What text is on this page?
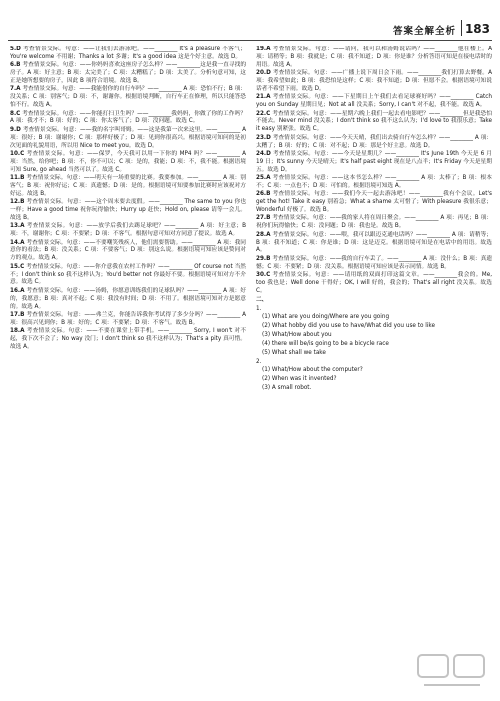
答案全解全析 183

5.D 考查情景交际。句意：——让我们去游泳吧。——________ It's a pleasure 不客气；You're welcome 不用谢；Thanks a lot 多谢；It's a good idea 这是个好主意。故选 D。

6.B 考查情景交际。句意：——你妈妈喜欢这座房子怎么样？——________这是我一直寻找的房子。A 项：好主意；B 项：太完美了；C 项：太糟糕了；D 项：太美了。分析句意可知，这正是她所想要的房子，因此 B 项符合语境。故选 B。

7.A 考查情景交际。句意：——我能借你的自行车吗？——________ A 项：恐怕不行；B 项：没关系；C 项：别客气；D 项：不，谢谢你。根据语境判断，自行车正在修理，所以只能答恐怕不行。故选 A。

8.C 考查情景交际。句意：——你能打扫卫生吗？——________我妈妈，你做了你的工作吗？A 项：我才不；B 项：好的；C 项：你太客气了；D 项：没问题。故选 C。

9.D 考查情景交际。句意：——我的名字叫哥姆。——这是我第一次来这里。——________ A 项：很好；B 项：谢谢你；C 项：那样好极了；D 项：见到你很高兴。根据语境可知问的是初次见面的礼貌用语，所以用 Nice to meet you。故选 D。

10.C 考查情景交际。句意：——保罗，今天我可以用一下你的 MP4 吗？——________ A 项：当然，给你吧；B 项：不，你不可以；C 项：是的，我能；D 项：不，我不能。根据语境可知 Sure, go ahead 当然可以了。故选 C。

11.B 考查情景交际。句意：——明天有一场重要的比赛。我要参加。——________ A 项：别客气；B 项：祝你好运；C 项：真遗憾；D 项：是的。根据语境可知要参加比赛时应该祝对方好运。故选 B。

12.B 考查情景交际。句意：——这个周末要去度假。——________ The same to you 你也一样；Have a good time 祝你玩得愉快；Hurry up 赶快；Hold on, please 请等一会儿。故选 B。

13.A 考查情景交际。句意：——放学后我们去踢足球吧？——________ A 项：好主意；B 项：不，谢谢你；C 项：不要紧；D 项：不客气。根据句意可知对方同意了提议。故选 A。

14.A 考查情景交际。句意：——不要嘲笑残疾人，他们需要帮助。——________ A 项：我同意你的看法；B 项：没关系；C 项：不要客气；D 项：别这么说。根据语境可知应该是赞同对方的观点。故选 A。

15.C 考查情景交际。句意：——你介意我在农村工作吗？——________ Of course not 当然不；I don't think so 我不这样认为；You'd better not 你最好不要。根据语境可知对方不介意。故选 C。

16.A 考查情景交际。句意：——汤姆，你愿意训练我们的足球队吗？——________ A 项：好的，我愿意；B 项：真对不起；C 项：我没有时间；D 项：不用了。根据语境可知对方是愿意的。故选 A。

17.B 考查情景交际。句意：——弗兰克，你能告诉我你考试得了多少分吗？——________ A 项：很高兴见到你；B 项：好的；C 项：不要紧；D 项：不客气。故选 B。

18.A 考查情景交际。句意：——不要在课堂上带手机。——________ Sorry, I won't 对不起，我下次不会了；No way 没门；I don't think so 我不这样认为；That's a pity 真可惜。故选 A。

19.A 考查情景交际。句意：——请问，我可以和汤姆说话吗？——________他在楼上。A 项：请稍等；B 项：我就是；C 项：我不知道；D 项：你是谁？分析答语可知是在接电话时的用语。故选 A。

20.D 考查情景交际。句意：——广播上说下周日会下雨。——________我们打算去野餐。A 项：我希望如此；B 项：我恐怕是这样；C 项：我不知道；D 项：但愿不会。根据语境可知说话者不希望下雨。故选 D。

21.A 考查情景交际。句意：——下星期日上午我们去看足球赛好吗？——________ Catch you on Sunday 星期日见；Not at all 没关系；Sorry, I can't 对不起，我不能。故选 A。

22.C 考查情景交际。句意：——星期六晚上我们一起去看电影吧？——________但是我恐怕不能去。Never mind 没关系；I don't think so 我不这么认为；I'd love to 我很乐意；Take it easy 别紧张。故选 C。

23.D 考查情景交际。句意：——今天天晴，我们出去骑自行车怎么样？——________ A 项：太糟了；B 项：好的；C 项：对不起；D 项：那是个好主意。故选 D。

24.D 考查情景交际。句意：——今天是星期几？——________ It's June 19th 今天是 6 月 19 日；It's sunny 今天是晴天；It's half past eight 现在是八点半；It's Friday 今天是星期五。故选 D。

25.A 考查情景交际。句意：——这本书怎么样？——________ A 项：太棒了；B 项：根本不；C 项：一点也不；D 项：可怕的。根据语境可知选 A。

26.B 考查情景交际。句意：——我们今天一起去游泳吧！——________我有个会议。Let's get the hot! Take it easy 别着急；What a shame 太可惜了；With pleasure 我很乐意；Wonderful 好极了。故选 B。

27.B 考查情景交际。句意：——我的家人将在周日聚会。——________ A 项：再见；B 项：祝你们玩得愉快；C 项：没问题；D 项：我也是。故选 B。

28.A 考查情景交际。句意：——喂，我可以跟迈克通电话吗？——________ A 项：请稍等；B 项：我不知道；C 项：你是谁；D 项：这是迈克。根据语境可知是在电话中的用语。故选 A。

29.B 考查情景交际。句意：——我的自行车丢了。——________ A 项：没什么；B 项：真遗憾；C 项：不要紧；D 项：没关系。根据语境可知应该是表示同情。故选 B。

30.C 考查情景交际。句意：——请用纸的双面打印这篇文章。——________我会的。Me, too 我也是；Well done 干得好；OK, I will 好的，我会的；That's all right 没关系。故选 C。

二、
1.
(1) What are you doing/Where are you going
(2) What hobby did you use to have/What did you use to like
(3) What/How about you
(4) there will be/is going to be a bicycle race
(5) What shall we take
2.
(1) What/How about the computer?
(2) When was it invented?
(3) A small robot.
